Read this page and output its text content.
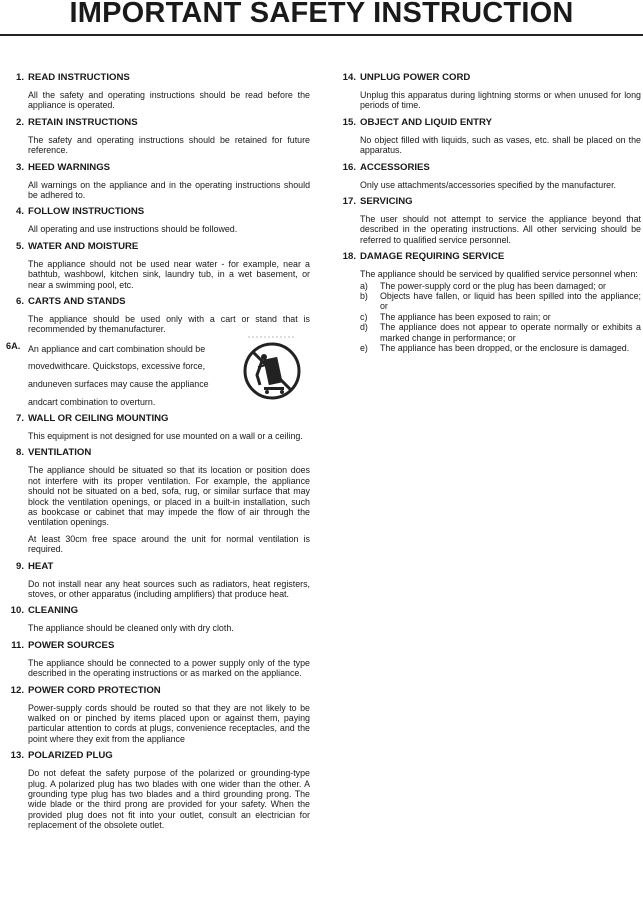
IMPORTANT SAFETY INSTRUCTION
1. READ INSTRUCTIONS
All the safety and operating instructions should be read before the appliance is operated.
2. RETAIN INSTRUCTIONS
The safety and operating instructions should be retained for future reference.
3. HEED WARNINGS
All warnings on the appliance and in the operating instructions should be adhered to.
4. FOLLOW INSTRUCTIONS
All operating and use instructions should be followed.
5. WATER AND MOISTURE
The appliance should not be used near water - for example, near a bathtub, washbowl, kitchen sink, laundry tub, in a wet basement, or near a swimming pool, etc.
6. CARTS AND STANDS
The appliance should be used only with a cart or stand that is recommended by themanufacturer.
6A. An appliance and cart combination should be
movedwithcare. Quickstops, excessive force,
anduneven surfaces may cause the appliance
andcart combination to overturn.
7. WALL OR CEILING MOUNTING
This equipment is not designed for use mounted on a wall or a ceiling.
8. VENTILATION
The appliance should be situated so that its location or position does not interfere with its proper ventilation. For example, the appliance should not be situated on a bed, sofa, rug, or similar surface that may block the ventilation openings, or placed in a built-in installation, such as bookcase or cabinet that may impede the flow of air through the ventilation openings.
At least 30cm free space around the unit for normal ventilation is required.
9. HEAT
Do not install near any heat sources such as radiators, heat registers, stoves, or other apparatus (including amplifiers) that produce heat.
10. CLEANING
The appliance should be cleaned only with dry cloth.
11. POWER SOURCES
The appliance should be connected to a power supply only of the type described in the operating instructions or as marked on the appliance.
12. POWER CORD PROTECTION
Power-supply cords should be routed so that they are not likely to be walked on or pinched by items placed upon or against them, paying particular attention to cords at plugs, convenience receptacles, and the point where they exit from the appliance
13. POLARIZED PLUG
Do not defeat the safety purpose of the polarized or grounding-type plug. A polarized plug has two blades with one wider than the other. A grounding type plug has two blades and a third grounding prong. The wide blade or the third prong are provided for your safety. When the provided plug does not fit into your outlet, consult an electrician for replacement of the obsolete outlet.
14. UNPLUG POWER CORD
Unplug this apparatus during lightning storms or when unused for long periods of time.
15. OBJECT AND LIQUID ENTRY
No object filled with liquids, such as vases, etc. shall be placed on the apparatus.
16. ACCESSORIES
Only use attachments/accessories specified by the manufacturer.
17. SERVICING
The user should not attempt to service the appliance beyond that described in the operating instructions. All other servicing should be referred to qualified service personnel.
18. DAMAGE REQUIRING SERVICE
The appliance should be serviced by qualified service personnel when:
a) The power-supply cord or the plug has been damaged; or
b) Objects have fallen, or liquid has been spilled into the appliance; or
c) The appliance has been exposed to rain; or
d) The appliance does not appear to operate normally or exhibits a marked change in performance; or
e) The appliance has been dropped, or the enclosure is damaged.
